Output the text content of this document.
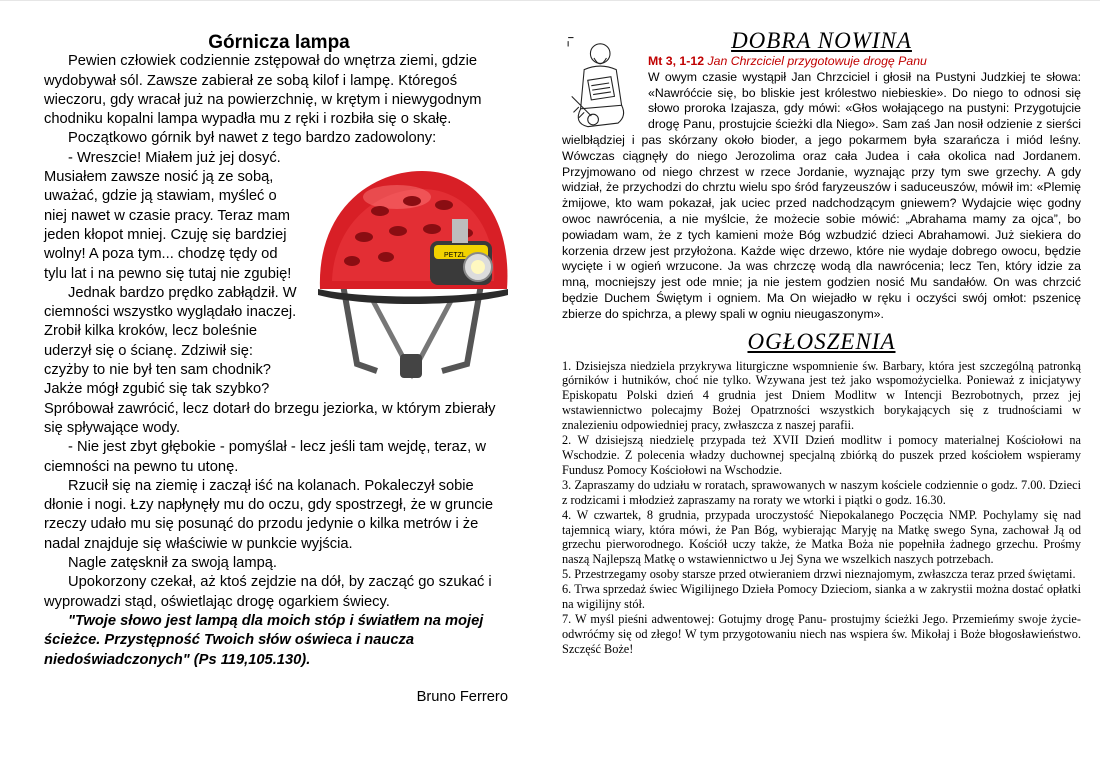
Górnicza lampa

Pewien człowiek codziennie zstępował do wnętrza ziemi, gdzie wydobywał sól. Zawsze zabierał ze sobą kilof i lampę. Któregoś wieczoru, gdy wracał już na powierzchnię, w krętym i niewygodnym chodniku kopalni lampa wypadła mu z ręki i rozbiła się o skałę.

Początkowo górnik był nawet z tego bardzo zadowolony:

PETZL

- Wreszcie! Miałem już jej dosyć. Musiałem zawsze nosić ją ze sobą, uważać, gdzie ją stawiam, myśleć o niej nawet w czasie pracy. Teraz mam jeden kłopot mniej. Czuję się bardziej wolny! A poza tym... chodzę tędy od tylu lat i na pewno się tutaj nie zgubię!

Jednak bardzo prędko zabłądził. W ciemności wszystko wyglądało inaczej. Zrobił kilka kroków, lecz boleśnie uderzył się o ścianę. Zdziwił się: czyżby to nie był ten sam chodnik? Jakże mógł zgubić się tak szybko? Spróbował zawrócić, lecz dotarł do brzegu jeziorka, w którym zbierały się spływające wody.

- Nie jest zbyt głębokie - pomyślał - lecz jeśli tam wejdę, teraz, w ciemności na pewno tu utonę.

Rzucił się na ziemię i zaczął iść na kolanach. Pokaleczył sobie dłonie i nogi. Łzy napłynęły mu do oczu, gdy spostrzegł, że w gruncie rzeczy udało mu się posunąć do przodu jedynie o kilka metrów i że nadal znajduje się właściwie w punkcie wyjścia.

Nagle zatęsknił za swoją lampą.

Upokorzony czekał, aż ktoś zejdzie na dół, by zacząć go szukać i wyprowadzi stąd, oświetlając drogę ogarkiem świecy.

"Twoje słowo jest lampą dla moich stóp i światłem na mojej ścieżce. Przystępność Twoich słów oświeca i naucza niedoświadczonych" (Ps 119,105.130).

Bruno Ferrero

DOBRA NOWINA

Mt 3, 1-12 Jan Chrzciciel przygotowuje drogę Panu
W owym czasie wystąpił Jan Chrzciciel i głosił na Pustyni Judzkiej te słowa: «Nawróćcie się, bo bliskie jest królestwo niebieskie». Do niego to odnosi się słowo proroka Izajasza, gdy mówi: «Głos wołającego na pustyni: Przygotujcie drogę Panu, prostujcie ścieżki dla Niego». Sam zaś Jan nosił odzienie z sierści wielbłądziej i pas skórzany około bioder, a jego pokarmem była szarańcza i miód leśny. Wówczas ciągnęły do niego Jerozolima oraz cała Judea i cała okolica nad Jordanem. Przyjmowano od niego chrzest w rzece Jordanie, wyznając przy tym swe grzechy. A gdy widział, że przychodzi do chrztu wielu spo śród faryzeuszów i saduceuszów, mówił im: «Plemię żmijowe, kto wam pokazał, jak uciec przed nadchodzącym gniewem? Wydajcie więc godny owoc nawrócenia, a nie myślcie, że możecie sobie mówić: „Abrahama mamy za ojca”, bo powiadam wam, że z tych kamieni może Bóg wzbudzić dzieci Abrahamowi. Już siekiera do korzenia drzew jest przyłożona. Każde więc drzewo, które nie wydaje dobrego owocu, będzie wycięte i w ogień wrzucone. Ja was chrzczę wodą dla nawrócenia; lecz Ten, który idzie za mną, mocniejszy jest ode mnie; ja nie jestem godzien nosić Mu sandałów. On was chrzcić będzie Duchem Świętym i ogniem. Ma On wiejadło w ręku i oczyści swój omłot: pszenicę zbierze do spichrza, a plewy spali w ogniu nieugaszonym».

OGŁOSZENIA

1. Dzisiejsza niedziela przykrywa liturgiczne wspomnienie św. Barbary, która jest szczególną patronką górników i hutników, choć nie tylko. Wzywana jest też jako wspomożycielka. Ponieważ z inicjatywy Episkopatu Polski dzień 4 grudnia jest Dniem Modlitw w Intencji Bezrobotnych, przez jej wstawiennictwo polecajmy Bożej Opatrzności wszystkich borykających się z trudnościami w znalezieniu odpowiedniej pracy, zwłaszcza z naszej parafii.

2. W dzisiejszą niedzielę przypada też XVII Dzień modlitw i pomocy materialnej Kościołowi na Wschodzie. Z polecenia władzy duchownej specjalną zbiórką do puszek przed kościołem wspieramy Fundusz Pomocy Kościołowi na Wschodzie.

3. Zapraszamy do udziału w roratach, sprawowanych w naszym kościele codziennie o godz. 7.00. Dzieci z rodzicami i młodzież zapraszamy na roraty we wtorki i piątki o godz. 16.30.

4. W czwartek, 8 grudnia, przypada uroczystość Niepokalanego Poczęcia NMP. Pochylamy się nad tajemnicą wiary, która mówi, że Pan Bóg, wybierając Maryję na Matkę swego Syna, zachował Ją od grzechu pierworodnego. Kościół uczy także, że Matka Boża nie popełniła żadnego grzechu. Prośmy naszą Najlepszą Matkę o wstawiennictwo u Jej Syna we wszelkich naszych potrzebach.

5. Przestrzegamy osoby starsze przed otwieraniem drzwi nieznajomym, zwłaszcza teraz przed świętami.

6. Trwa sprzedaż świec Wigilijnego Dzieła Pomocy Dzieciom, sianka a w zakrystii można dostać opłatki na wigilijny stół.

7. W myśl pieśni adwentowej: Gotujmy drogę Panu- prostujmy ścieżki Jego. Przemieńmy swoje życie-odwróćmy się od złego! W tym przygotowaniu niech nas wspiera św. Mikołaj i Boże błogosławieństwo. Szczęść Boże!
